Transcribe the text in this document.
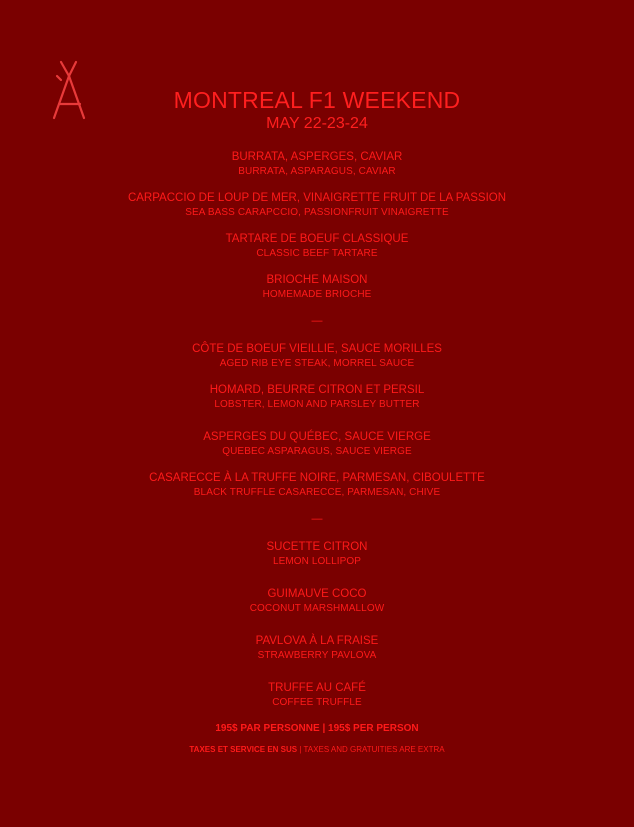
MONTREAL F1 WEEKEND
MAY 22-23-24
BURRATA, ASPERGES, CAVIAR
BURRATA, ASPARAGUS, CAVIAR
CARPACCIO DE LOUP DE MER, VINAIGRETTE FRUIT DE LA PASSION
SEA BASS CARAPCCIO, PASSIONFRUIT VINAIGRETTE
TARTARE DE BOEUF CLASSIQUE
CLASSIC BEEF TARTARE
BRIOCHE MAISON
HOMEMADE BRIOCHE
—
CÔTE DE BOEUF VIEILLIE, SAUCE MORILLES
AGED RIB EYE STEAK, MORREL SAUCE
HOMARD, BEURRE CITRON ET PERSIL
LOBSTER, LEMON AND PARSLEY BUTTER
ASPERGES DU QUÉBEC, SAUCE VIERGE
QUEBEC ASPARAGUS, SAUCE VIERGE
CASARECCE À LA TRUFFE NOIRE, PARMESAN, CIBOULETTE
BLACK TRUFFLE CASARECCE, PARMESAN, CHIVE
—
SUCETTE CITRON
LEMON LOLLIPOP
GUIMAUVE COCO
COCONUT MARSHMALLOW
PAVLOVA À LA FRAISE
STRAWBERRY PAVLOVA
TRUFFE AU CAFÉ
COFFEE TRUFFLE
195$ PAR PERSONNE | 195$ PER PERSON
TAXES ET SERVICE EN SUS | TAXES AND GRATUITIES ARE EXTRA
